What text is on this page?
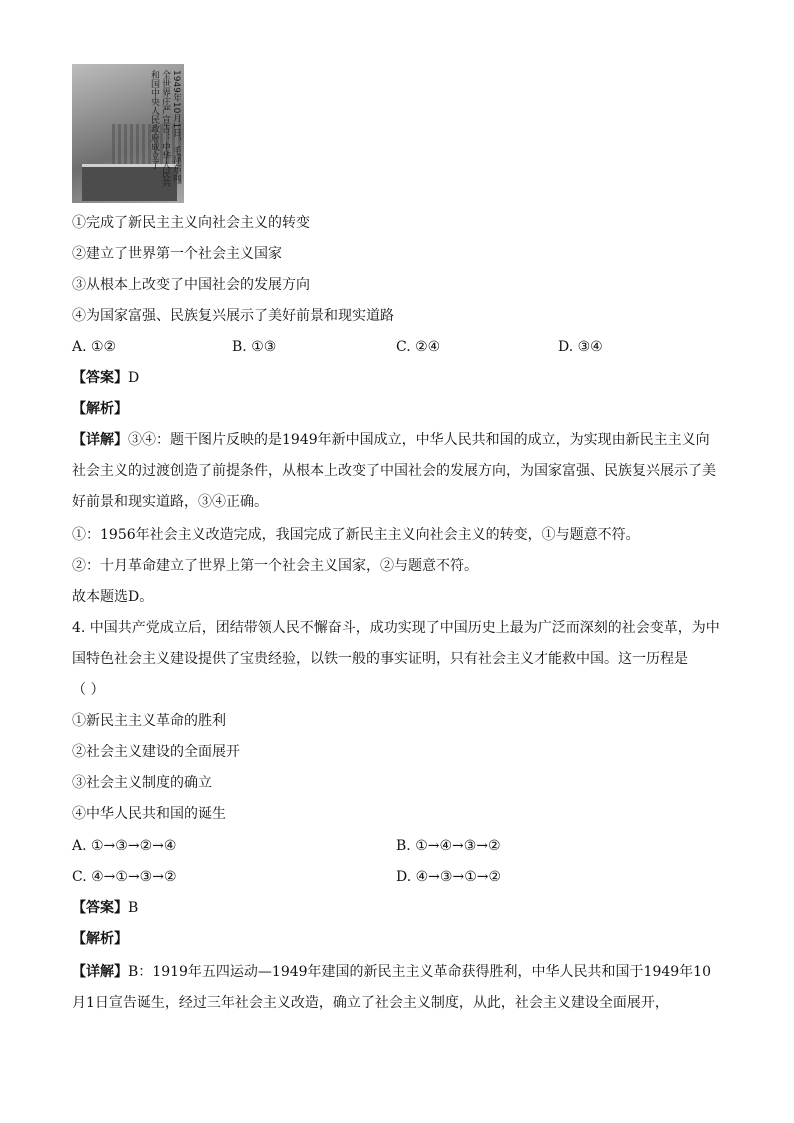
1949年10月1日，毛泽东向全世界庄严宣告：中华人民共和国中央人民政府成立了
①完成了新民主主义向社会主义的转变
②建立了世界第一个社会主义国家
③从根本上改变了中国社会的发展方向
④为国家富强、民族复兴展示了美好前景和现实道路
A. ①②	B. ①③	C. ②④	D. ③④
【答案】D
【解析】
【详解】③④：题干图片反映的是1949年新中国成立，中华人民共和国的成立，为实现由新民主主义向
社会主义的过渡创造了前提条件，从根本上改变了中国社会的发展方向，为国家富强、民族复兴展示了美
好前景和现实道路，③④正确。
①：1956年社会主义改造完成，我国完成了新民主主义向社会主义的转变，①与题意不符。
②：十月革命建立了世界上第一个社会主义国家，②与题意不符。
故本题选D。
4. 中国共产党成立后，团结带领人民不懈奋斗，成功实现了中国历史上最为广泛而深刻的社会变革，为中
国特色社会主义建设提供了宝贵经验，以铁一般的事实证明，只有社会主义才能救中国。这一历程是
（ ）
①新民主主义革命的胜利
②社会主义建设的全面展开
③社会主义制度的确立
④中华人民共和国的诞生
A. ①→③→②→④	B. ①→④→③→②
C. ④→①→③→②	D. ④→③→①→②
【答案】B
【解析】
【详解】B：1919年五四运动—1949年建国的新民主主义革命获得胜利，中华人民共和国于1949年10
月1日宣告诞生，经过三年社会主义改造，确立了社会主义制度，从此，社会主义建设全面展开，
